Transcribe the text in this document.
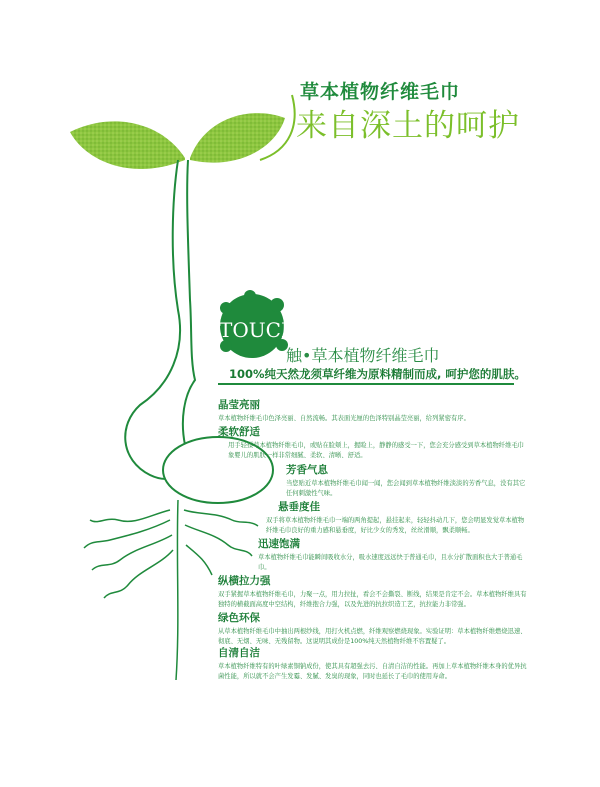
草本植物纤维毛巾
来自深土的呵护
TOUCH
触•草本植物纤维毛巾
100%纯天然龙须草纤维为原料精制而成, 呵护您的肌肤。
晶莹亮丽
草本植物纤维毛巾色泽亮丽、自然流畅。其表面光厘的色泽特别晶莹亮丽，给列紧密有序。
柔软舒适
用手轻揉草本植物纤维毛巾，或贴在脸颊上，握睑上，静静的感受一下，您会充分感受到草本植物纤维毛巾象婴儿的肌肤一样非常细腻、柔软、清晰、舒适。
芳香气息
当您贴近草本植物纤维毛巾闻一闻，您会闻到草本植物纤维淡淡的芳香气息，没有其它任何刺激性气味。
悬垂度佳
双手将草本植物纤维毛巾一端的两角提起，悬挂起来，轻轻抖动几下，您会明显发觉草本植物纤维毛巾良好的重力感和悬垂度，好比少女的秀发，丝丝滑顺，飘柔顺畅。
迅速饱满
草本植物纤维毛巾能瞬间吸收水分，吸水速度远远快于普通毛巾，且水分扩散面积也大于普通毛巾。
纵横拉力强
双手紧握草本植物纤维毛巾，力聚一点，用力拉扯，看会不会撕裂、断线，结果是肯定不会。草本植物纤维具有独特的横截面高度中空结构，纤维抱合力强，以及先进的抗拉织造工艺，抗拉能力非常强。
绿色环保
从草本植物纤维毛巾中抽出两根纱线，用打火机点燃，纤维观察燃烧现象。实验证明：草本植物纤维燃烧迅速、彻底、无烟、无味、无残留物。这说明其成份是100%纯天然植物纤维不容置疑了。
自清自洁
草本植物纤维特有的叶绿素铜钠成份，使其具有超强去污、自清自洁的性能。再加上草本植物纤维本身的优异抗菌性能，所以就不会产生发霉、发腻、发臭的现象，同时也延长了毛巾的使用寿命。
